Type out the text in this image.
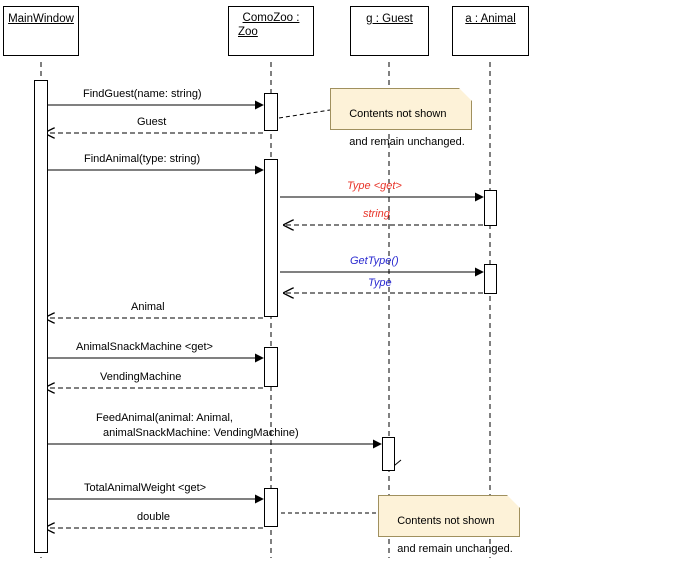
MainWindow	ComoZoo :
Zoo
g : Guest	a : Animal
FindGuest(name: string)
Guest
FindAnimal(type: string)
Type <get>
string
GetType()
Type
Animal
AnimalSnackMachine <get>
VendingMachine
FeedAnimal(animal: Animal,
animalSnackMachine: VendingMachine)
TotalAnimalWeight <get>
double

Contents not shown

and remain unchanged.

Contents not shown

and remain unchanged.
